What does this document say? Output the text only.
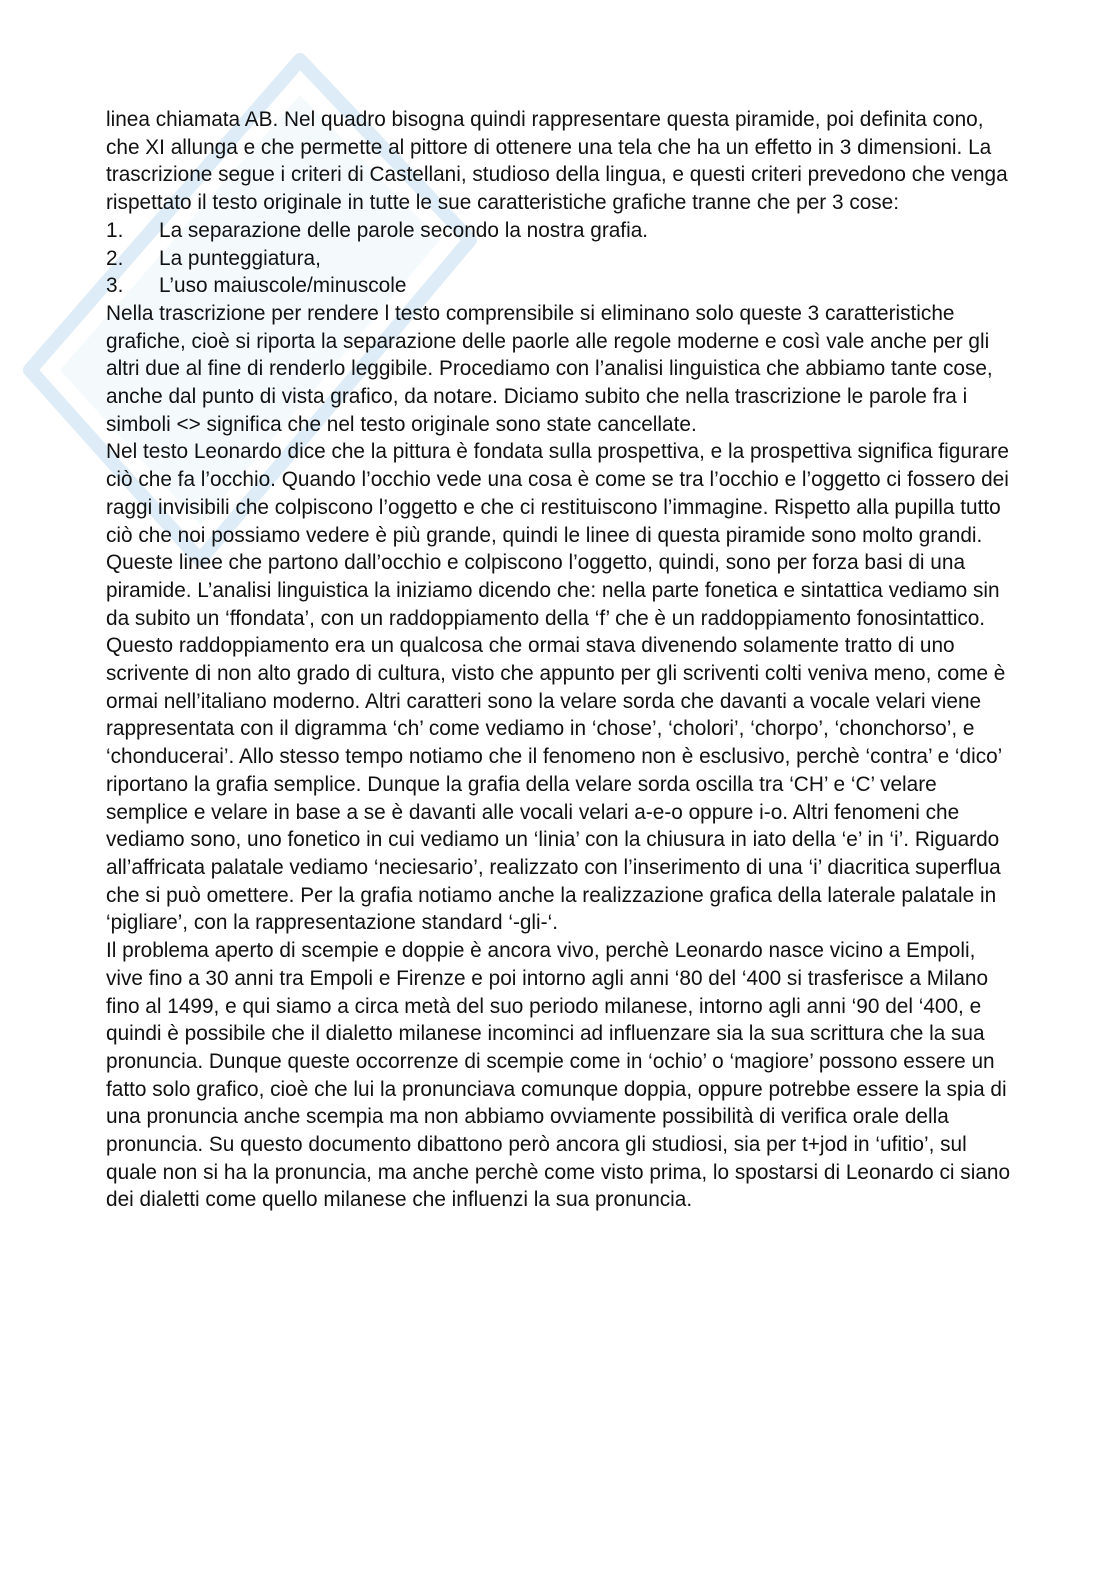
linea chiamata AB. Nel quadro bisogna quindi rappresentare questa piramide, poi definita cono, che XI allunga e che permette al pittore di ottenere una tela che ha un effetto in 3 dimensioni. La trascrizione segue i criteri di Castellani, studioso della lingua, e questi criteri prevedono che venga rispettato il testo originale in tutte le sue caratteristiche grafiche tranne che per 3 cose:

1.	La separazione delle parole secondo la nostra grafia.
2.	La punteggiatura,
3.	L’uso maiuscole/minuscole

Nella trascrizione per rendere l testo comprensibile si eliminano solo queste 3 caratteristiche grafiche, cioè si riporta la separazione delle paorle alle regole moderne e così vale anche per gli altri due al fine di renderlo leggibile. Procediamo con l’analisi linguistica che abbiamo tante cose, anche dal punto di vista grafico, da notare. Diciamo subito che nella trascrizione le parole fra i simboli <> significa che nel testo originale sono state cancellate.

Nel testo Leonardo dice che la pittura è fondata sulla prospettiva, e la prospettiva significa figurare ciò che fa l’occhio. Quando l’occhio vede una cosa è come se tra l’occhio e l’oggetto ci fossero dei raggi invisibili che colpiscono l’oggetto e che ci restituiscono l’immagine. Rispetto alla pupilla tutto ciò che noi possiamo vedere è più grande, quindi le linee di questa piramide sono molto grandi. Queste linee che partono dall’occhio e colpiscono l’oggetto, quindi, sono per forza basi di una piramide. L’analisi linguistica la iniziamo dicendo che: nella parte fonetica e sintattica vediamo sin da subito un ‘ffondata’, con un raddoppiamento della ‘f’ che è un raddoppiamento fonosintattico. Questo raddoppiamento era un qualcosa che ormai stava divenendo solamente tratto di uno scrivente di non alto grado di cultura, visto che appunto per gli scriventi colti veniva meno, come è ormai nell’italiano moderno. Altri caratteri sono la velare sorda che davanti a vocale velari viene rappresentata con il digramma ‘ch’ come vediamo in ‘chose’, ‘cholori’, ‘chorpo’, ‘chonchorso’, e ‘chonducerai’. Allo stesso tempo notiamo che il fenomeno non è esclusivo, perchè ‘contra’ e ‘dico’ riportano la grafia semplice. Dunque la grafia della velare sorda oscilla tra ‘CH’ e ‘C’ velare semplice e velare in base a se è davanti alle vocali velari a-e-o oppure i-o. Altri fenomeni che vediamo sono, uno fonetico in cui vediamo un ‘linia’ con la chiusura in iato della ‘e’ in ‘i’. Riguardo all’affricata palatale vediamo ‘neciesario’, realizzato con l’inserimento di una ‘i’ diacritica superflua che si può omettere. Per la grafia notiamo anche la realizzazione grafica della laterale palatale in ‘pigliare’, con la rappresentazione standard ‘-gli-‘.

Il problema aperto di scempie e doppie è ancora vivo, perchè Leonardo nasce vicino a Empoli, vive fino a 30 anni tra Empoli e Firenze e poi intorno agli anni ‘80 del ‘400 si trasferisce a Milano fino al 1499, e qui siamo a circa metà del suo periodo milanese, intorno agli anni ‘90 del ‘400, e quindi è possibile che il dialetto milanese incominci ad influenzare sia la sua scrittura che la sua pronuncia. Dunque queste occorrenze di scempie come in ‘ochio’ o ‘magiore’ possono essere un fatto solo grafico, cioè che lui la pronunciava comunque doppia, oppure potrebbe essere la spia di una pronuncia anche scempia ma non abbiamo ovviamente possibilità di verifica orale della pronuncia. Su questo documento dibattono però ancora gli studiosi, sia per t+jod in ‘ufitio’, sul quale non si ha la pronuncia, ma anche perchè come visto prima, lo spostarsi di Leonardo ci siano dei dialetti come quello milanese che influenzi la sua pronuncia.
